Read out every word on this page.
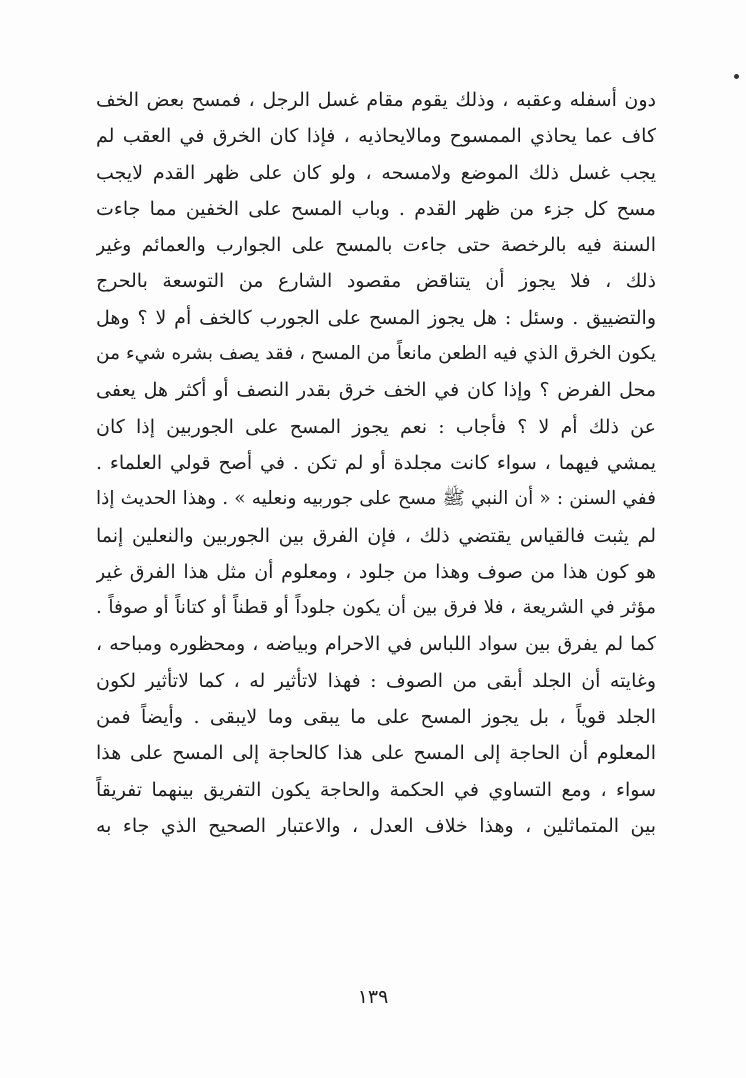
دون أسفله وعقبه ، وذلك يقوم مقام غسل الرجل ، فمسح بعض الخف
كاف عما يحاذي الممسوح ومالايحاذيه ، فإذا كان الخرق في العقب لم
يجب غسل ذلك الموضع ولامسحه ، ولو كان على ظهر القدم لايجب
مسح كل جزء من ظهر القدم . وباب المسح على الخفين مما جاءت
السنة فيه بالرخصة حتى جاءت بالمسح على الجوارب والعمائم وغير
ذلك ، فلا يجوز أن يتناقض مقصود الشارع من التوسعة بالحرج
والتضييق . وسئل : هل يجوز المسح على الجورب كالخف أم لا ؟ وهل
يكون الخرق الذي فيه الطعن مانعاً من المسح ، فقد يصف بشره شيء من
محل الفرض ؟ وإذا كان في الخف خرق بقدر النصف أو أكثر هل يعفى
عن ذلك أم لا ؟ فأجاب : نعم يجوز المسح على الجوربين إذا كان
يمشي فيهما ، سواء كانت مجلدة أو لم تكن . في أصح قولي العلماء .
ففي السنن : « أن النبي ﷺ مسح على جوربيه ونعليه » . وهذا الحديث إذا
لم يثبت فالقياس يقتضي ذلك ، فإن الفرق بين الجوربين والنعلين إنما
هو كون هذا من صوف وهذا من جلود ، ومعلوم أن مثل هذا الفرق غير
مؤثر في الشريعة ، فلا فرق بين أن يكون جلوداً أو قطناً أو كتاناً أو صوفاً .
كما لم يفرق بين سواد اللباس في الاحرام وبياضه ، ومحظوره ومباحه ،
وغايته أن الجلد أبقى من الصوف : فهذا لاتأثير له ، كما لاتأثير لكون
الجلد قوياً ، بل يجوز المسح على ما يبقى وما لايبقى . وأيضاً فمن
المعلوم أن الحاجة إلى المسح على هذا كالحاجة إلى المسح على هذا
سواء ، ومع التساوي في الحكمة والحاجة يكون التفريق بينهما تفريقاً
بين المتماثلين ، وهذا خلاف العدل ، والاعتبار الصحيح الذي جاء به
١٣٩
